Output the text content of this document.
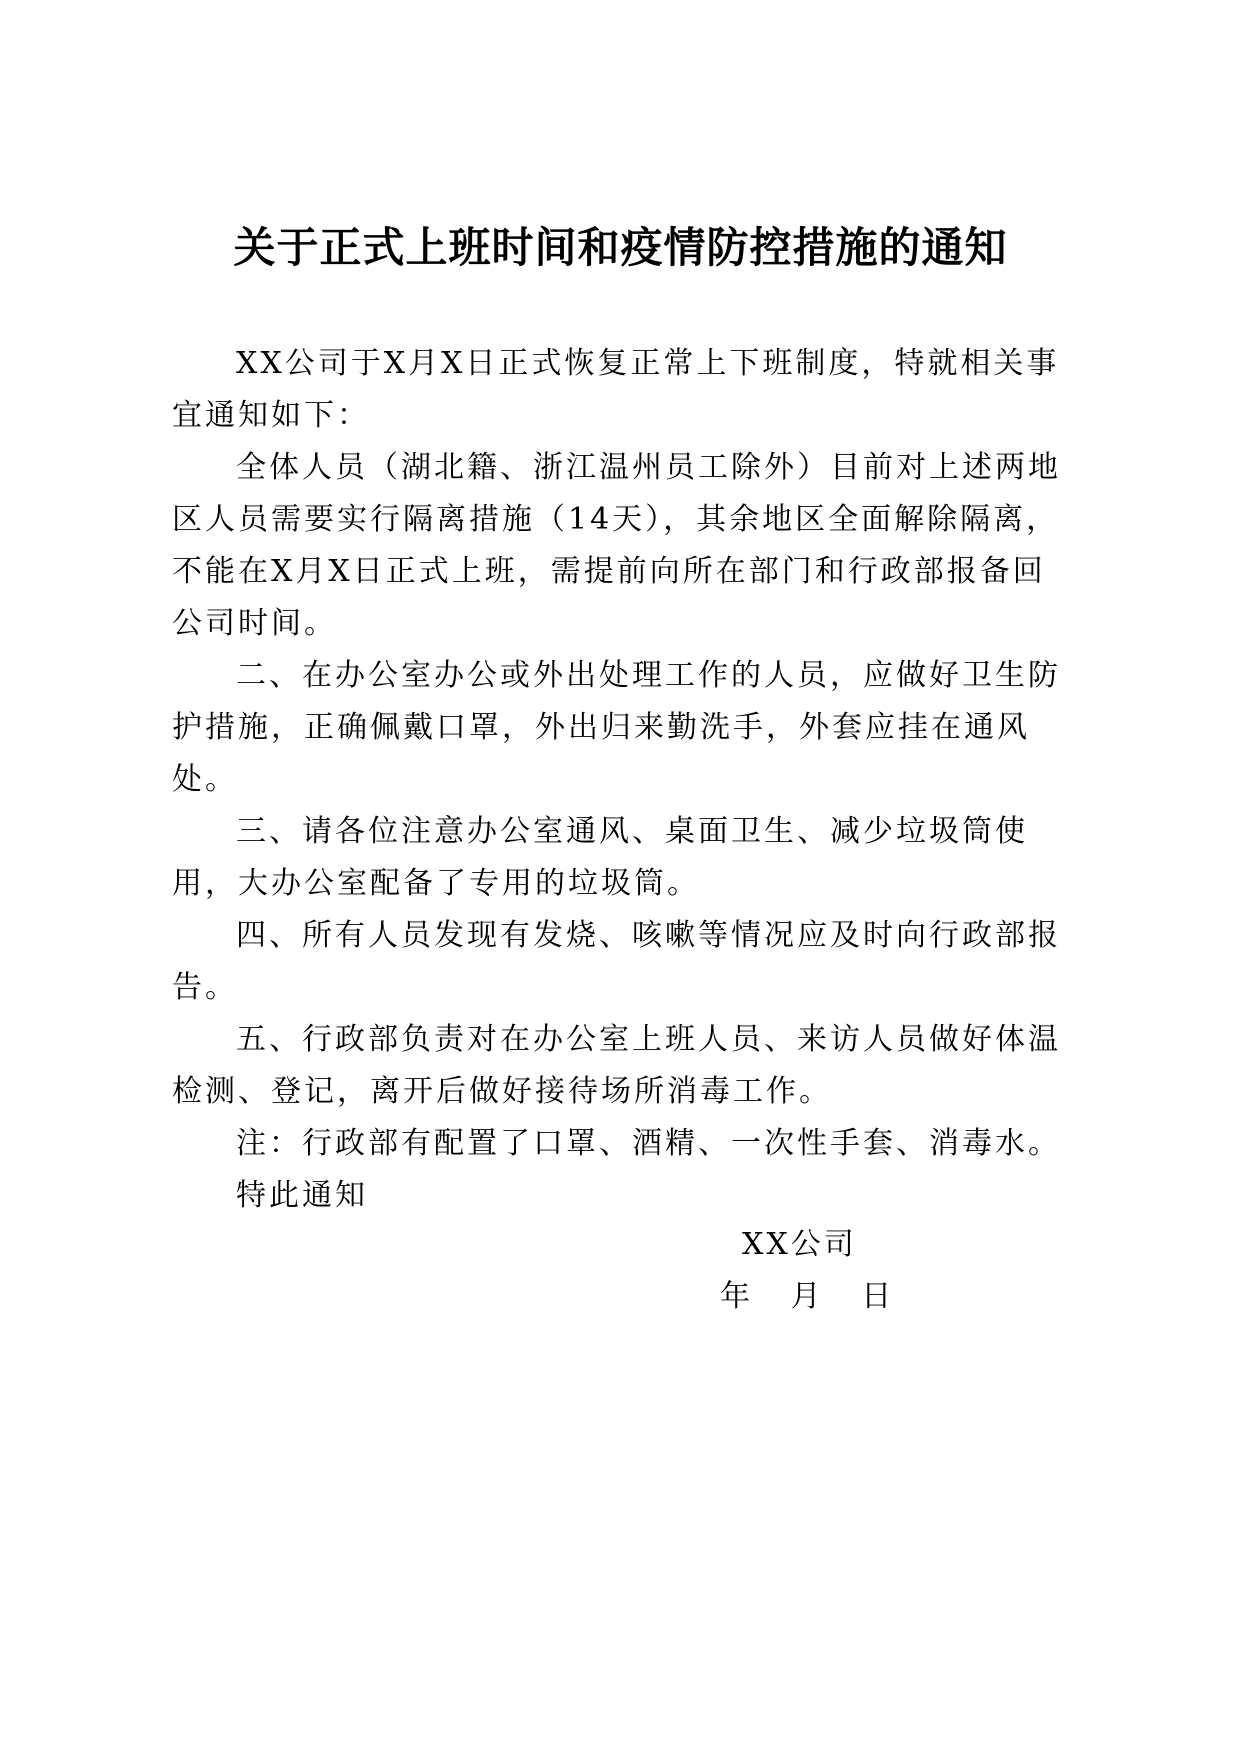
关于正式上班时间和疫情防控措施的通知

XX公司于X月X日正式恢复正常上下班制度，特就相关事宜通知如下：

全体人员（湖北籍、浙江温州员工除外）目前对上述两地区人员需要实行隔离措施（14天），其余地区全面解除隔离，不能在X月X日正式上班，需提前向所在部门和行政部报备回公司时间。

二、在办公室办公或外出处理工作的人员，应做好卫生防护措施，正确佩戴口罩，外出归来勤洗手，外套应挂在通风处。

三、请各位注意办公室通风、桌面卫生、减少垃圾筒使用，大办公室配备了专用的垃圾筒。

四、所有人员发现有发烧、咳嗽等情况应及时向行政部报告。

五、行政部负责对在办公室上班人员、来访人员做好体温检测、登记，离开后做好接待场所消毒工作。

注：行政部有配置了口罩、酒精、一次性手套、消毒水。

特此通知

XX公司
年   月   日
